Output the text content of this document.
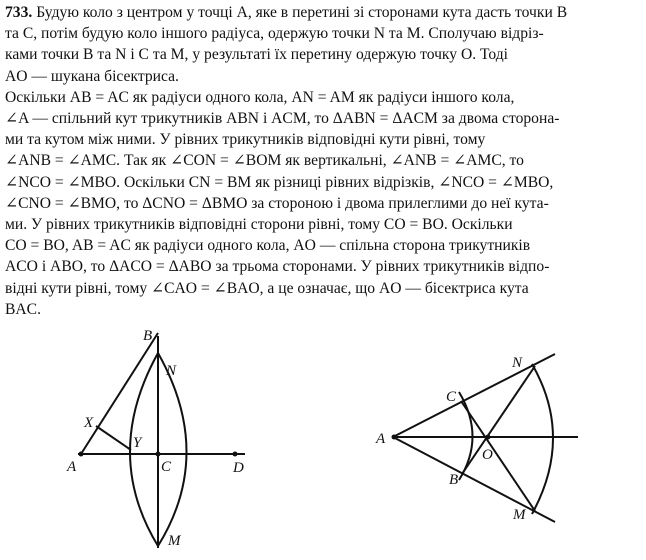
733. Будую коло з центром у точці A, яке в перетині зі сторонами кута дасть точки B
та C, потім будую коло іншого радіуса, одержую точки N та M. Сполучаю відріз-
ками точки B та N і C та M, у результаті їх перетину одержую точку O. Тоді
AO — шукана бісектриса.
Оскільки AB = AC як радіуси одного кола, AN = AM як радіуси іншого кола,
∠A — спільний кут трикутників ABN і ACM, то ΔABN = ΔACM за двома сторона-
ми та кутом між ними. У рівних трикутників відповідні кути рівні, тому
∠ANB = ∠AMC. Так як ∠CON = ∠BOM як вертикальні, ∠ANB = ∠AMC, то
∠NCO = ∠MBO. Оскільки CN = BM як різниці рівних відрізків, ∠NCO = ∠MBO,
∠CNO = ∠BMO, то ΔCNO = ΔBMO за стороною і двома прилеглими до неї кута-
ми. У рівних трикутників відповідні сторони рівні, тому CO = BO. Оскільки
CO = BO, AB = AC як радіуси одного кола, AO — спільна сторона трикутників
ACO і ABO, то ΔACO = ΔABO за трьома сторонами. У рівних трикутників відпо-
відні кути рівні, тому ∠CAO = ∠BAO, а це означає, що AO — бісектриса кута
BAC.
B
N
X
Y
A	C	D
M
N
C
A
O
B
M
